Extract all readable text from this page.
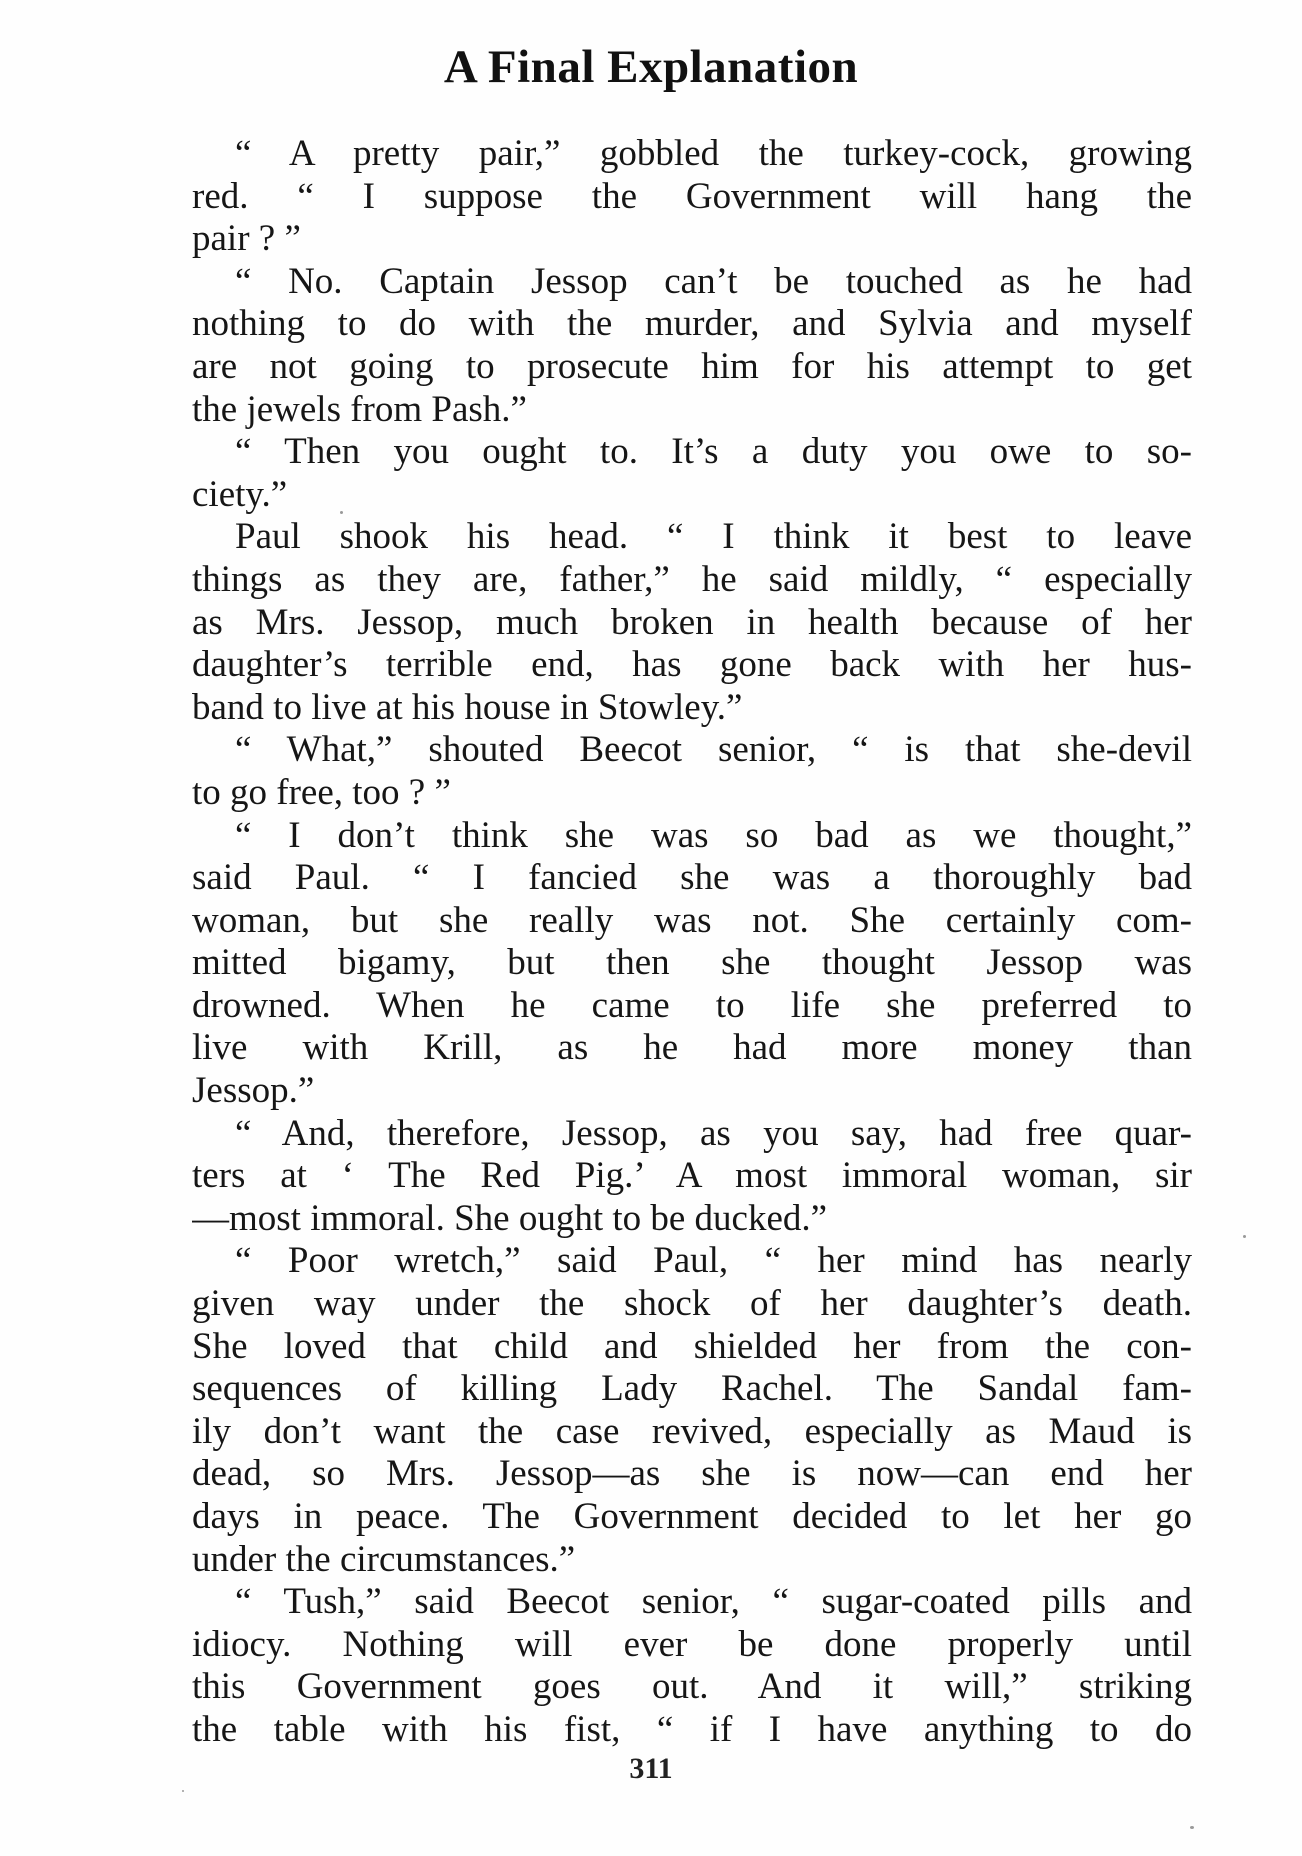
A Final Explanation
“ A pretty pair,” gobbled the turkey-cock, growing
red. “ I suppose the Government will hang the
pair ? ”
“ No. Captain Jessop can’t be touched as he had
nothing to do with the murder, and Sylvia and myself
are not going to prosecute him for his attempt to get
the jewels from Pash.”
“ Then you ought to. It’s a duty you owe to so-
ciety.”
Paul shook his head. “ I think it best to leave
things as they are, father,” he said mildly, “ especially
as Mrs. Jessop, much broken in health because of her
daughter’s terrible end, has gone back with her hus-
band to live at his house in Stowley.”
“ What,” shouted Beecot senior, “ is that she-devil
to go free, too ? ”
“ I don’t think she was so bad as we thought,”
said Paul. “ I fancied she was a thoroughly bad
woman, but she really was not. She certainly com-
mitted bigamy, but then she thought Jessop was
drowned. When he came to life she preferred to
live with Krill, as he had more money than
Jessop.”
“ And, therefore, Jessop, as you say, had free quar-
ters at ‘ The Red Pig.’ A most immoral woman, sir
—most immoral. She ought to be ducked.”
“ Poor wretch,” said Paul, “ her mind has nearly
given way under the shock of her daughter’s death.
She loved that child and shielded her from the con-
sequences of killing Lady Rachel. The Sandal fam-
ily don’t want the case revived, especially as Maud is
dead, so Mrs. Jessop—as she is now—can end her
days in peace. The Government decided to let her go
under the circumstances.”
“ Tush,” said Beecot senior, “ sugar-coated pills and
idiocy. Nothing will ever be done properly until
this Government goes out. And it will,” striking
the table with his fist, “ if I have anything to do
311
